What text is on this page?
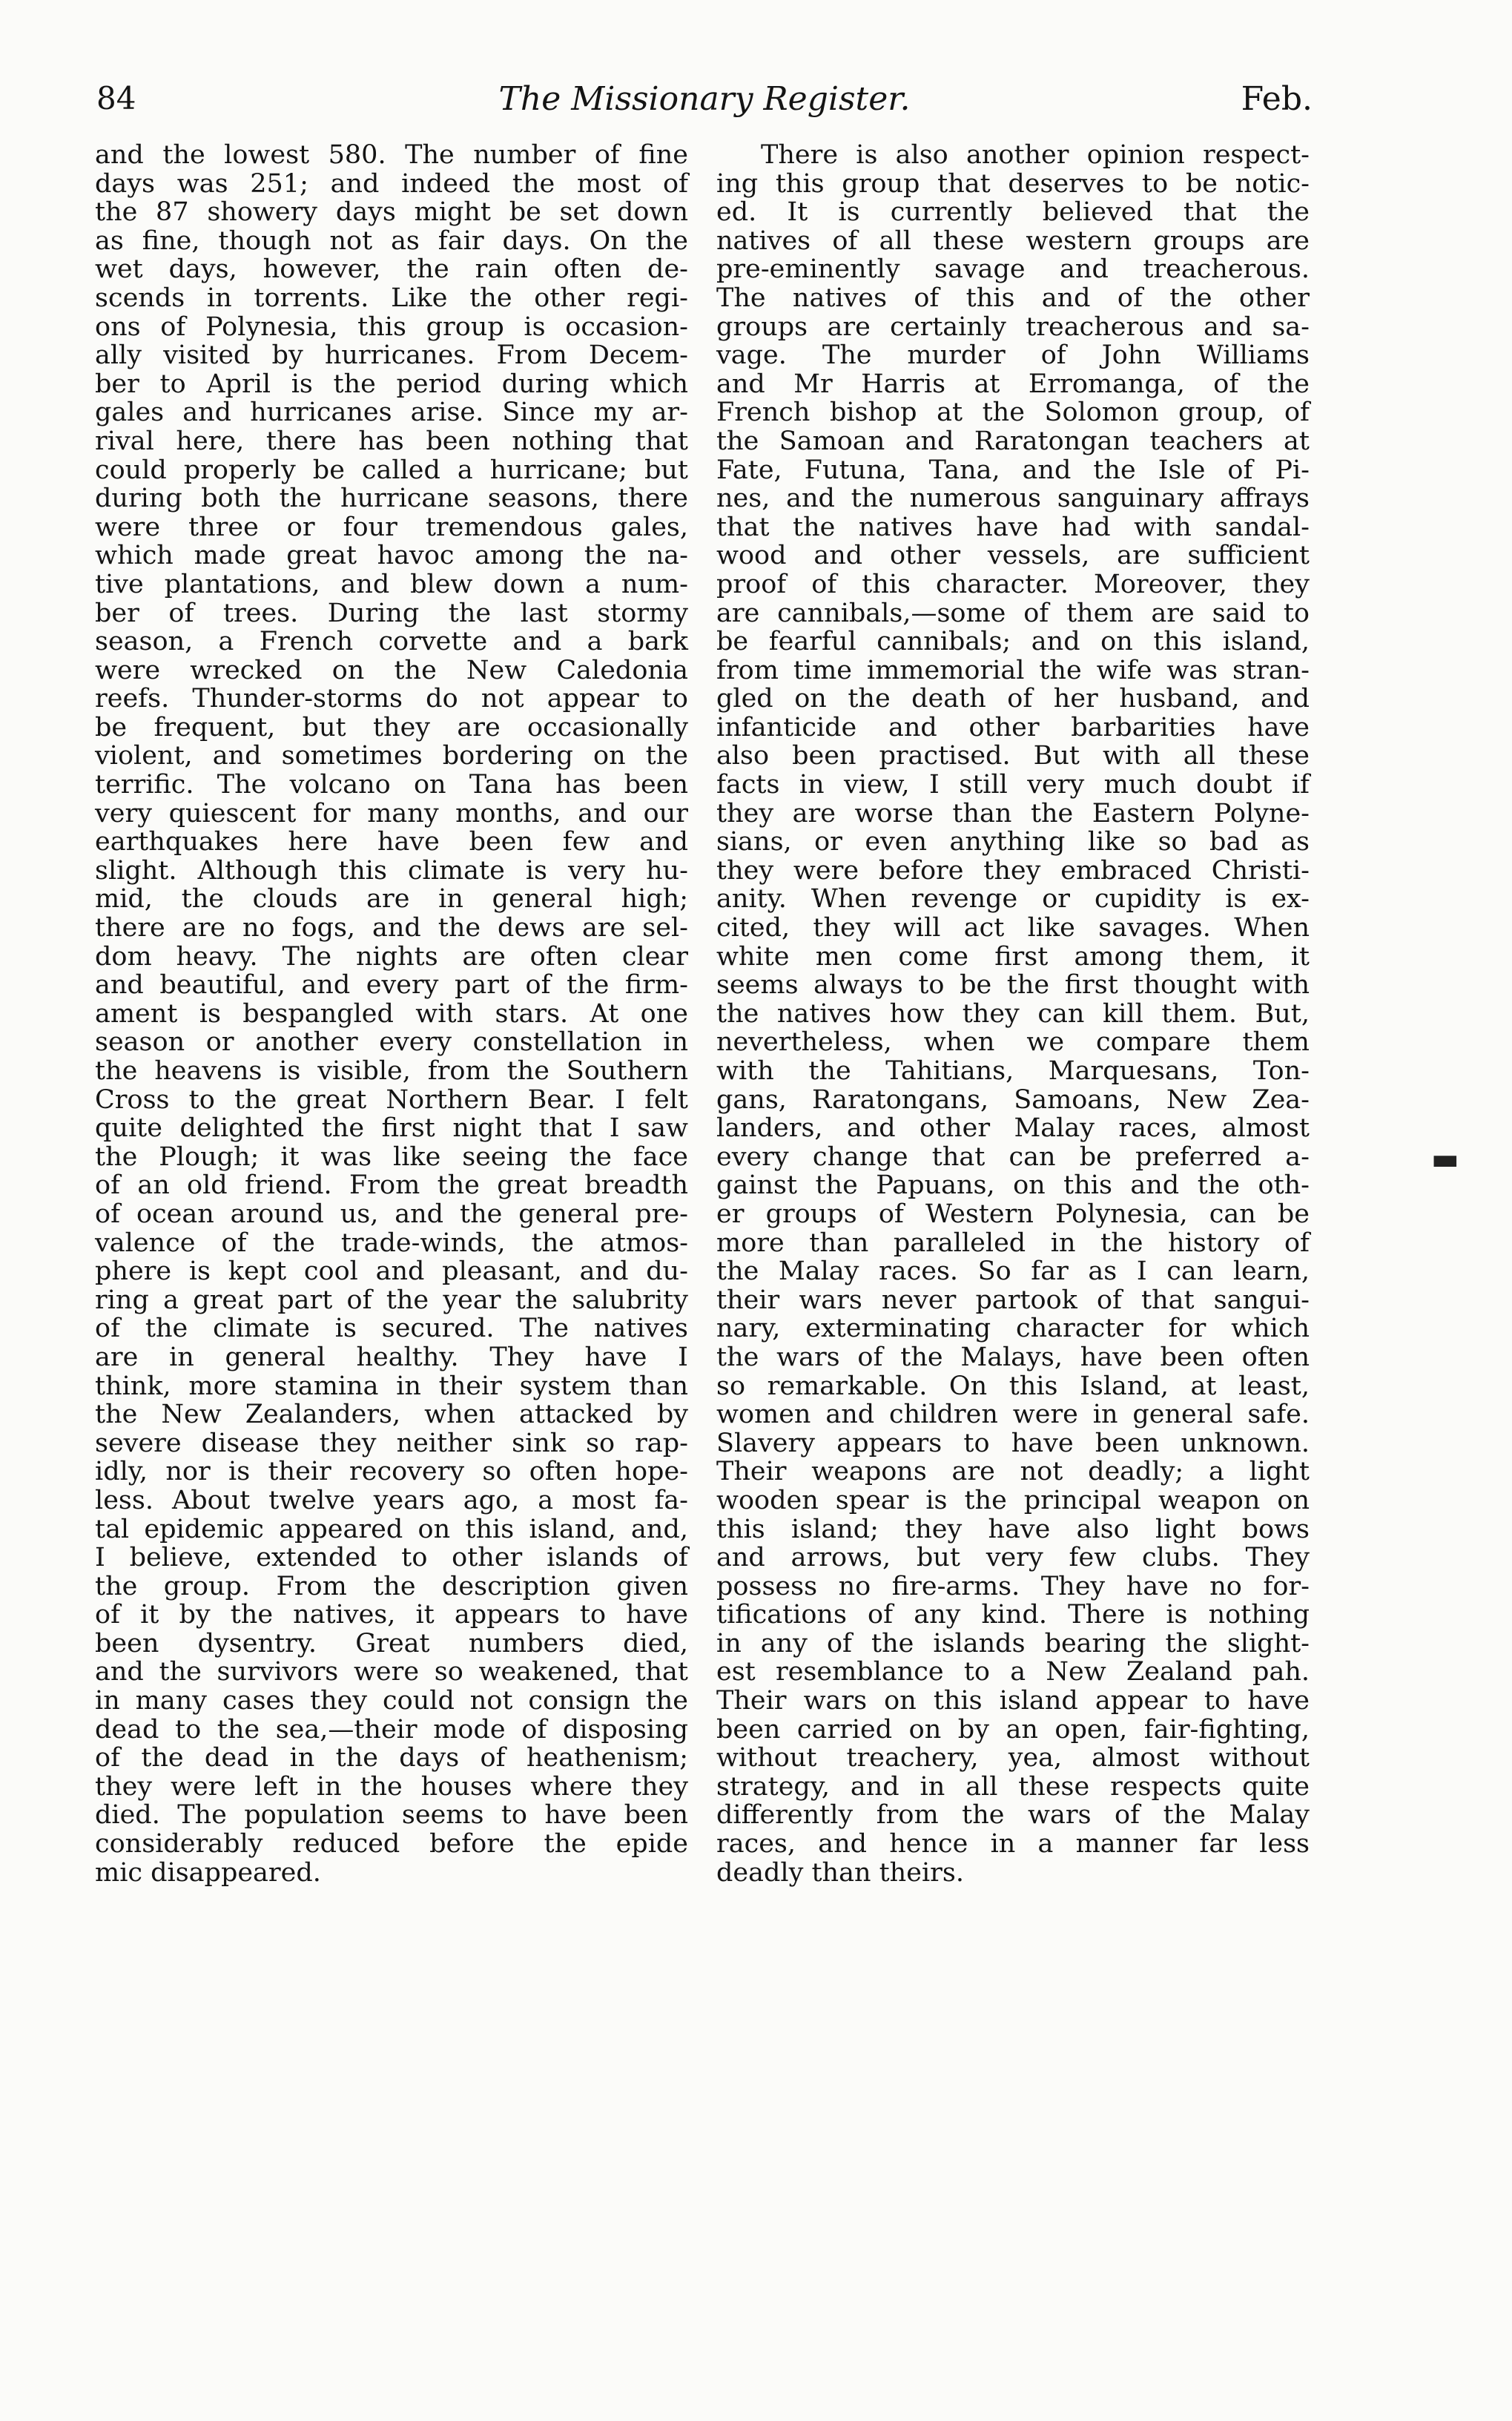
84	The Missionary Register.	Feb.
and the lowest 580. The number of fine
days was 251; and indeed the most of
the 87 showery days might be set down
as fine, though not as fair days. On the
wet days, however, the rain often de-
scends in torrents. Like the other regi-
ons of Polynesia, this group is occasion-
ally visited by hurricanes. From Decem-
ber to April is the period during which
gales and hurricanes arise. Since my ar-
rival here, there has been nothing that
could properly be called a hurricane; but
during both the hurricane seasons, there
were three or four tremendous gales,
which made great havoc among the na-
tive plantations, and blew down a num-
ber of trees. During the last stormy
season, a French corvette and a bark
were wrecked on the New Caledonia
reefs. Thunder-storms do not appear to
be frequent, but they are occasionally
violent, and sometimes bordering on the
terrific. The volcano on Tana has been
very quiescent for many months, and our
earthquakes here have been few and
slight. Although this climate is very hu-
mid, the clouds are in general high;
there are no fogs, and the dews are sel-
dom heavy. The nights are often clear
and beautiful, and every part of the firm-
ament is bespangled with stars. At one
season or another every constellation in
the heavens is visible, from the Southern
Cross to the great Northern Bear. I felt
quite delighted the first night that I saw
the Plough; it was like seeing the face
of an old friend. From the great breadth
of ocean around us, and the general pre-
valence of the trade-winds, the atmos-
phere is kept cool and pleasant, and du-
ring a great part of the year the salubrity
of the climate is secured. The natives
are in general healthy. They have I
think, more stamina in their system than
the New Zealanders, when attacked by
severe disease they neither sink so rap-
idly, nor is their recovery so often hope-
less. About twelve years ago, a most fa-
tal epidemic appeared on this island, and,
I believe, extended to other islands of
the group. From the description given
of it by the natives, it appears to have
been dysentry. Great numbers died,
and the survivors were so weakened, that
in many cases they could not consign the
dead to the sea,—their mode of disposing
of the dead in the days of heathenism;
they were left in the houses where they
died. The population seems to have been
considerably reduced before the epide
mic disappeared.
There is also another opinion respect-
ing this group that deserves to be notic-
ed. It is currently believed that the
natives of all these western groups are
pre-eminently savage and treacherous.
The natives of this and of the other
groups are certainly treacherous and sa-
vage. The murder of John Williams
and Mr Harris at Erromanga, of the
French bishop at the Solomon group, of
the Samoan and Raratongan teachers at
Fate, Futuna, Tana, and the Isle of Pi-
nes, and the numerous sanguinary affrays
that the natives have had with sandal-
wood and other vessels, are sufficient
proof of this character. Moreover, they
are cannibals,—some of them are said to
be fearful cannibals; and on this island,
from time immemorial the wife was stran-
gled on the death of her husband, and
infanticide and other barbarities have
also been practised. But with all these
facts in view, I still very much doubt if
they are worse than the Eastern Polyne-
sians, or even anything like so bad as
they were before they embraced Christi-
anity. When revenge or cupidity is ex-
cited, they will act like savages. When
white men come first among them, it
seems always to be the first thought with
the natives how they can kill them. But,
nevertheless, when we compare them
with the Tahitians, Marquesans, Ton-
gans, Raratongans, Samoans, New Zea-
landers, and other Malay races, almost
every change that can be preferred a-
gainst the Papuans, on this and the oth-
er groups of Western Polynesia, can be
more than paralleled in the history of
the Malay races. So far as I can learn,
their wars never partook of that sangui-
nary, exterminating character for which
the wars of the Malays, have been often
so remarkable. On this Island, at least,
women and children were in general safe.
Slavery appears to have been unknown.
Their weapons are not deadly; a light
wooden spear is the principal weapon on
this island; they have also light bows
and arrows, but very few clubs. They
possess no fire-arms. They have no for-
tifications of any kind. There is nothing
in any of the islands bearing the slight-
est resemblance to a New Zealand pah.
Their wars on this island appear to have
been carried on by an open, fair-fighting,
without treachery, yea, almost without
strategy, and in all these respects quite
differently from the wars of the Malay
races, and hence in a manner far less
deadly than theirs.
▬
